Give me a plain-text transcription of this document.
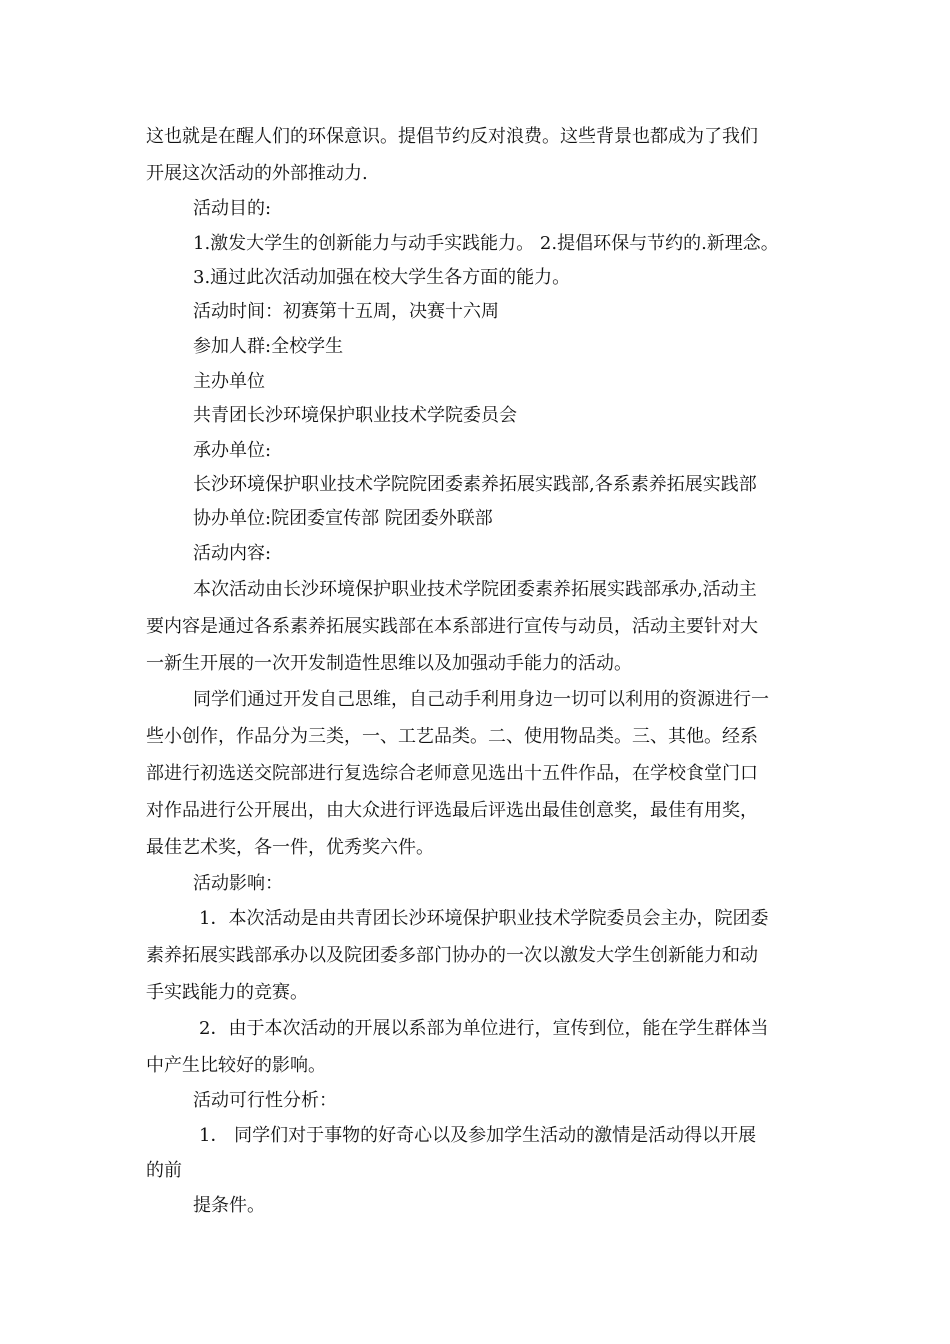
这也就是在醒人们的环保意识。提倡节约反对浪费。这些背景也都成为了我们
开展这次活动的外部推动力.
活动目的:
1.激发大学生的创新能力与动手实践能力。 2.提倡环保与节约的.新理念。
3.通过此次活动加强在校大学生各方面的能力。
活动时间：初赛第十五周，决赛十六周
参加人群:全校学生
主办单位
共青团长沙环境保护职业技术学院委员会
承办单位:
长沙环境保护职业技术学院院团委素养拓展实践部,各系素养拓展实践部
协办单位:院团委宣传部 院团委外联部
活动内容:
本次活动由长沙环境保护职业技术学院团委素养拓展实践部承办,活动主
要内容是通过各系素养拓展实践部在本系部进行宣传与动员，活动主要针对大
一新生开展的一次开发制造性思维以及加强动手能力的活动。
同学们通过开发自己思维，自己动手利用身边一切可以利用的资源进行一
些小创作，作品分为三类，一、工艺品类。二、使用物品类。三、其他。经系
部进行初选送交院部进行复选综合老师意见选出十五件作品，在学校食堂门口
对作品进行公开展出，由大众进行评选最后评选出最佳创意奖，最佳有用奖，
最佳艺术奖，各一件，优秀奖六件。
活动影响：
1．本次活动是由共青团长沙环境保护职业技术学院委员会主办，院团委
素养拓展实践部承办以及院团委多部门协办的一次以激发大学生创新能力和动
手实践能力的竞赛。
2．由于本次活动的开展以系部为单位进行，宣传到位，能在学生群体当
中产生比较好的影响。
活动可行性分析：
1． 同学们对于事物的好奇心以及参加学生活动的激情是活动得以开展
的前
提条件。
